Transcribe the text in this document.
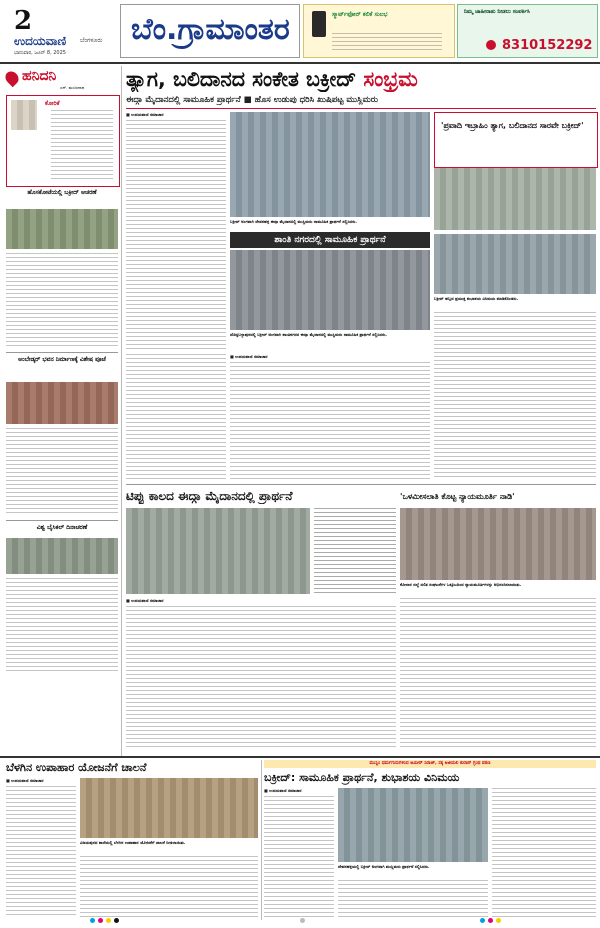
2
ಉದಯವಾಣಿ ಬೆಂಗಳೂರು
ಭಾನುವಾರ, ಜೂನ್ 8, 2025
ಬೆಂ.ಗ್ರಾಮಾಂತರ	ಸ್ಮಾರ್ಟ್‌ಫೋನ್ ಕಲಿಕೆ ಸುಲಭ	ನಿಮ್ಮ ಜಾಹೀರಾತು ನೀಡಲು ಸಂಪರ್ಕಿಸಿ
8310152292
ಹನಿದನಿ
ಎನ್. ಮಂಜುನಾಥ
ಕೋರಿಕೆ
ಹೊಸಕೋಟೆಯಲ್ಲಿ ಬಕ್ರೀದ್ ಆಚರಣೆ
ಅಂಬೇಡ್ಕರ್ ಭವನ ನಿರ್ಮಾಣಕ್ಕೆ ವಿಶೇಷ ಪೂಜೆ
ವಿಶ್ವ ಬೈಸಿಕಲ್ ದಿನಾಚರಣೆ
ತ್ಯಾಗ, ಬಲಿದಾನದ ಸಂಕೇತ ಬಕ್ರೀದ್ ಸಂಭ್ರಮ
ಈದ್ಗಾ ಮೈದಾನದಲ್ಲಿ ಸಾಮೂಹಿಕ ಪ್ರಾರ್ಥನೆ ■ ಹೊಸ ಉಡುಪು ಧರಿಸಿ ಖುಷಿಪಟ್ಟ ಮುಸ್ಲಿಮರು
■ ಉದಯವಾಣಿ ಸಮಾಚಾರ
ಬಕ್ರೀದ್ ಅಂಗವಾಗಿ ದೇವನಹಳ್ಳಿ ಈದ್ಗಾ ಮೈದಾನದಲ್ಲಿ ಮುಸ್ಲಿಮರು ಸಾಮೂಹಿಕ ಪ್ರಾರ್ಥನೆ ಸಲ್ಲಿಸಿದರು.
'ಪ್ರವಾದಿ ಇಬ್ರಾಹಿಂ ತ್ಯಾಗ, ಬಲಿದಾನದ ಸಾರವೇ ಬಕ್ರೀದ್'
ಶಾಂತಿ ನಗರದಲ್ಲಿ ಸಾಮೂಹಿಕ ಪ್ರಾರ್ಥನೆ
ದೊಡ್ಡಬಳ್ಳಾಪುರದಲ್ಲಿ ಬಕ್ರೀದ್ ಅಂಗವಾಗಿ ಶಾಂತಿನಗರದ ಈದ್ಗಾ ಮೈದಾನದಲ್ಲಿ ಮುಸ್ಲಿಮರು ಸಾಮೂಹಿಕ ಪ್ರಾರ್ಥನೆ ಸಲ್ಲಿಸಿದರು.
ಬಕ್ರೀದ್ ಹಬ್ಬದ ಪ್ರಯುಕ್ತ ಶುಭಾಶಯ ವಿನಿಮಯ ಮಾಡಿಕೊಂಡರು.
■ ಉದಯವಾಣಿ ಸಮಾಚಾರ
ಟಿಪ್ಪು ಕಾಲದ ಈದ್ಗಾ ಮೈದಾನದಲ್ಲಿ ಪ್ರಾರ್ಥನೆ	'ಒಳಮೀಸಲಾತಿ ಕೊಟ್ಟ ನ್ಯಾಯಮೂರ್ತಿ ನಾಡಿ'
ಕೋಲಾರ ಜಿಲ್ಲೆ ದಲಿತ ಸಂಘಟನೆಗಳ ಒಕ್ಕೂಟದಿಂದ ನ್ಯಾಯಮೂರ್ತಿಗಳನ್ನು ಅಭಿನಂದಿಸಲಾಯಿತು.
■ ಉದಯವಾಣಿ ಸಮಾಚಾರ
ಬೆಳಗಿನ ಉಪಾಹಾರ ಯೋಜನೆಗೆ ಚಾಲನೆ
■ ಉದಯವಾಣಿ ಸಮಾಚಾರ
ವಿಜಯಪುರದ ಶಾಲೆಯಲ್ಲಿ ಬೆಳಗಿನ ಉಪಾಹಾರ ಯೋಜನೆಗೆ ಚಾಲನೆ ನೀಡಲಾಯಿತು.
ಮುಸ್ಲಿಂ ಧರ್ಮಗುರುಗಳಿಂದ ಅಮೀರ್ ಸಿರಾಜ್, ಸಕ್ಕ ಅಜಿಯಲಿ ಕುರಾನ್ ಗ್ರಂಥ ಪಠಣ
ಬಕ್ರೀದ್: ಸಾಮೂಹಿಕ ಪ್ರಾರ್ಥನೆ, ಶುಭಾಶಯ ವಿನಿಮಯ
■ ಉದಯವಾಣಿ ಸಮಾಚಾರ
ದೇವನಹಳ್ಳಿಯಲ್ಲಿ ಬಕ್ರೀದ್ ಅಂಗವಾಗಿ ಮುಸ್ಲಿಮರು ಪ್ರಾರ್ಥನೆ ಸಲ್ಲಿಸಿದರು.
